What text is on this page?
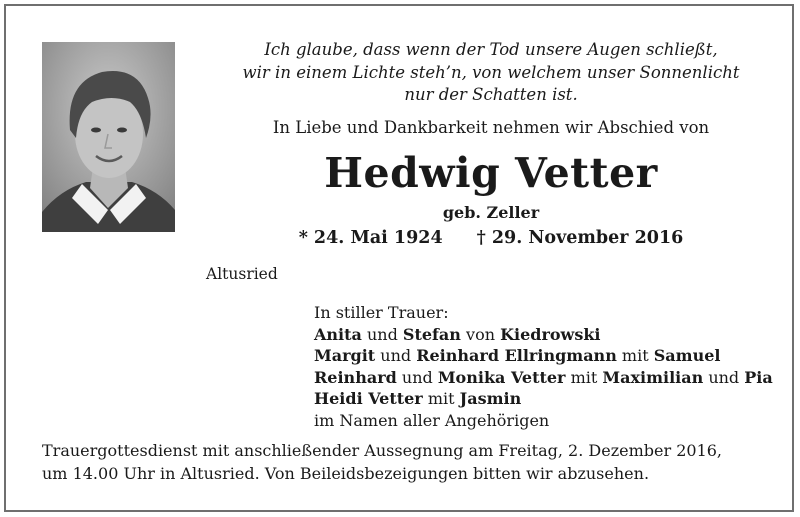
Ich glaube, dass wenn der Tod unsere Augen schließt,
wir in einem Lichte steh’n, von welchem unser Sonnenlicht
nur der Schatten ist.
In Liebe und Dankbarkeit nehmen wir Abschied von
Hedwig Vetter
geb. Zeller
* 24. Mai 1924 † 29. November 2016
Altusried
In stiller Trauer:
Anita und Stefan von Kiedrowski
Margit und Reinhard Ellringmann mit Samuel
Reinhard und Monika Vetter mit Maximilian und Pia
Heidi Vetter mit Jasmin
im Namen aller Angehörigen
Trauergottesdienst mit anschließender Aussegnung am Freitag, 2. Dezember 2016,
um 14.00 Uhr in Altusried. Von Beileidsbezeigungen bitten wir abzusehen.
